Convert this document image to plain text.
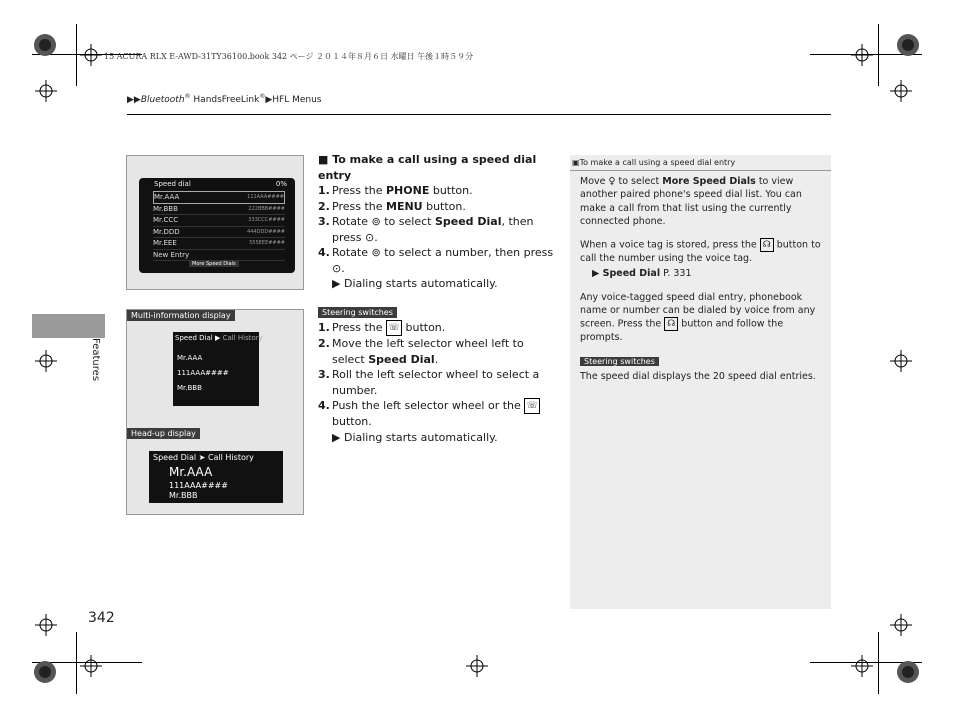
15 ACURA RLX E-AWD-31TY36100.book 342 ページ ２０１４年８月６日 水曜日 午後１時５９分
▶▶Bluetooth® HandsFreeLink®▶HFL Menus
Features
342
Speed dial	0%
Mr.AAA	111AAA####
Mr.BBB	222BBB####
Mr.CCC	333CCC####
Mr.DDD	444DDD####
Mr.EEE	555EEE####
New Entry
More Speed Dials
Multi-information display
Speed Dial ▶ Call History
Mr.AAA
111AAA####
Mr.BBB
Head-up display
Speed Dial ➤ Call History
Mr.AAA
111AAA####
Mr.BBB
■ To make a call using a speed dial entry
1. Press the PHONE button.
2. Press the MENU button.
3. Rotate ⊚ to select Speed Dial, then press ⊙.
4. Rotate ⊚ to select a number, then press ⊙.
▶ Dialing starts automatically.
Steering switches
1. Press the ☏ button.
2. Move the left selector wheel left to select Speed Dial.
3. Roll the left selector wheel to select a number.
4. Push the left selector wheel or the ☏ button.
▶ Dialing starts automatically.
▣To make a call using a speed dial entry

Move ♀ to select More Speed Dials to view another paired phone's speed dial list. You can make a call from that list using the currently connected phone.

When a voice tag is stored, press the ☊ button to call the number using the voice tag.

▶ Speed Dial P. 331

Any voice-tagged speed dial entry, phonebook name or number can be dialed by voice from any screen. Press the ☊ button and follow the prompts.

Steering switches

The speed dial displays the 20 speed dial entries.
